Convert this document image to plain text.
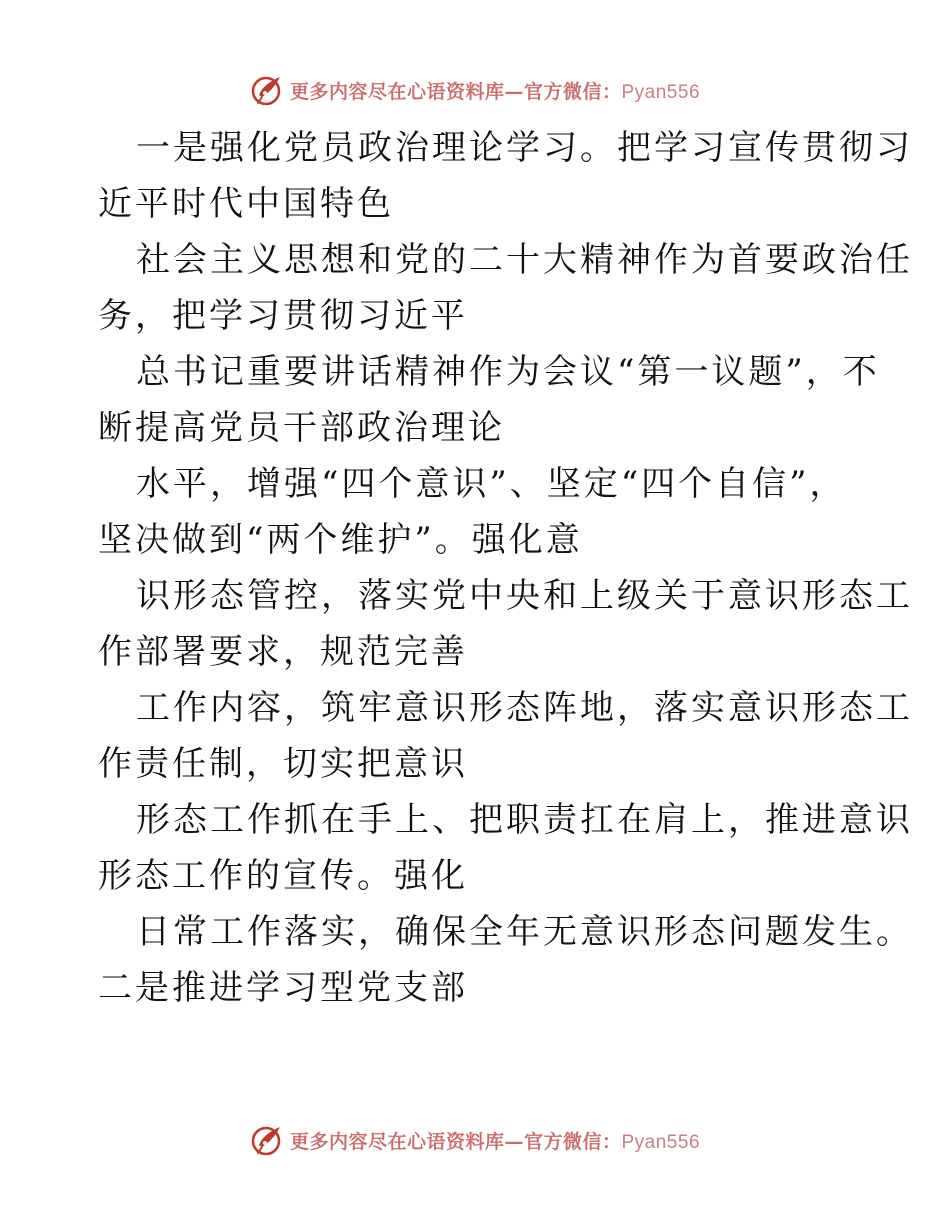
更多内容尽在心语资料库—官方微信：Pyan556
一是强化党员政治理论学习。把学习宣传贯彻习
近平时代中国特色
社会主义思想和党的二十大精神作为首要政治任
务，把学习贯彻习近平
总书记重要讲话精神作为会议“第一议题”，不
断提高党员干部政治理论
水平，增强“四个意识”、坚定“四个自信”，
坚决做到“两个维护”。强化意
识形态管控，落实党中央和上级关于意识形态工
作部署要求，规范完善
工作内容，筑牢意识形态阵地，落实意识形态工
作责任制，切实把意识
形态工作抓在手上、把职责扛在肩上，推进意识
形态工作的宣传。强化
日常工作落实，确保全年无意识形态问题发生。
二是推进学习型党支部
更多内容尽在心语资料库—官方微信：Pyan556
